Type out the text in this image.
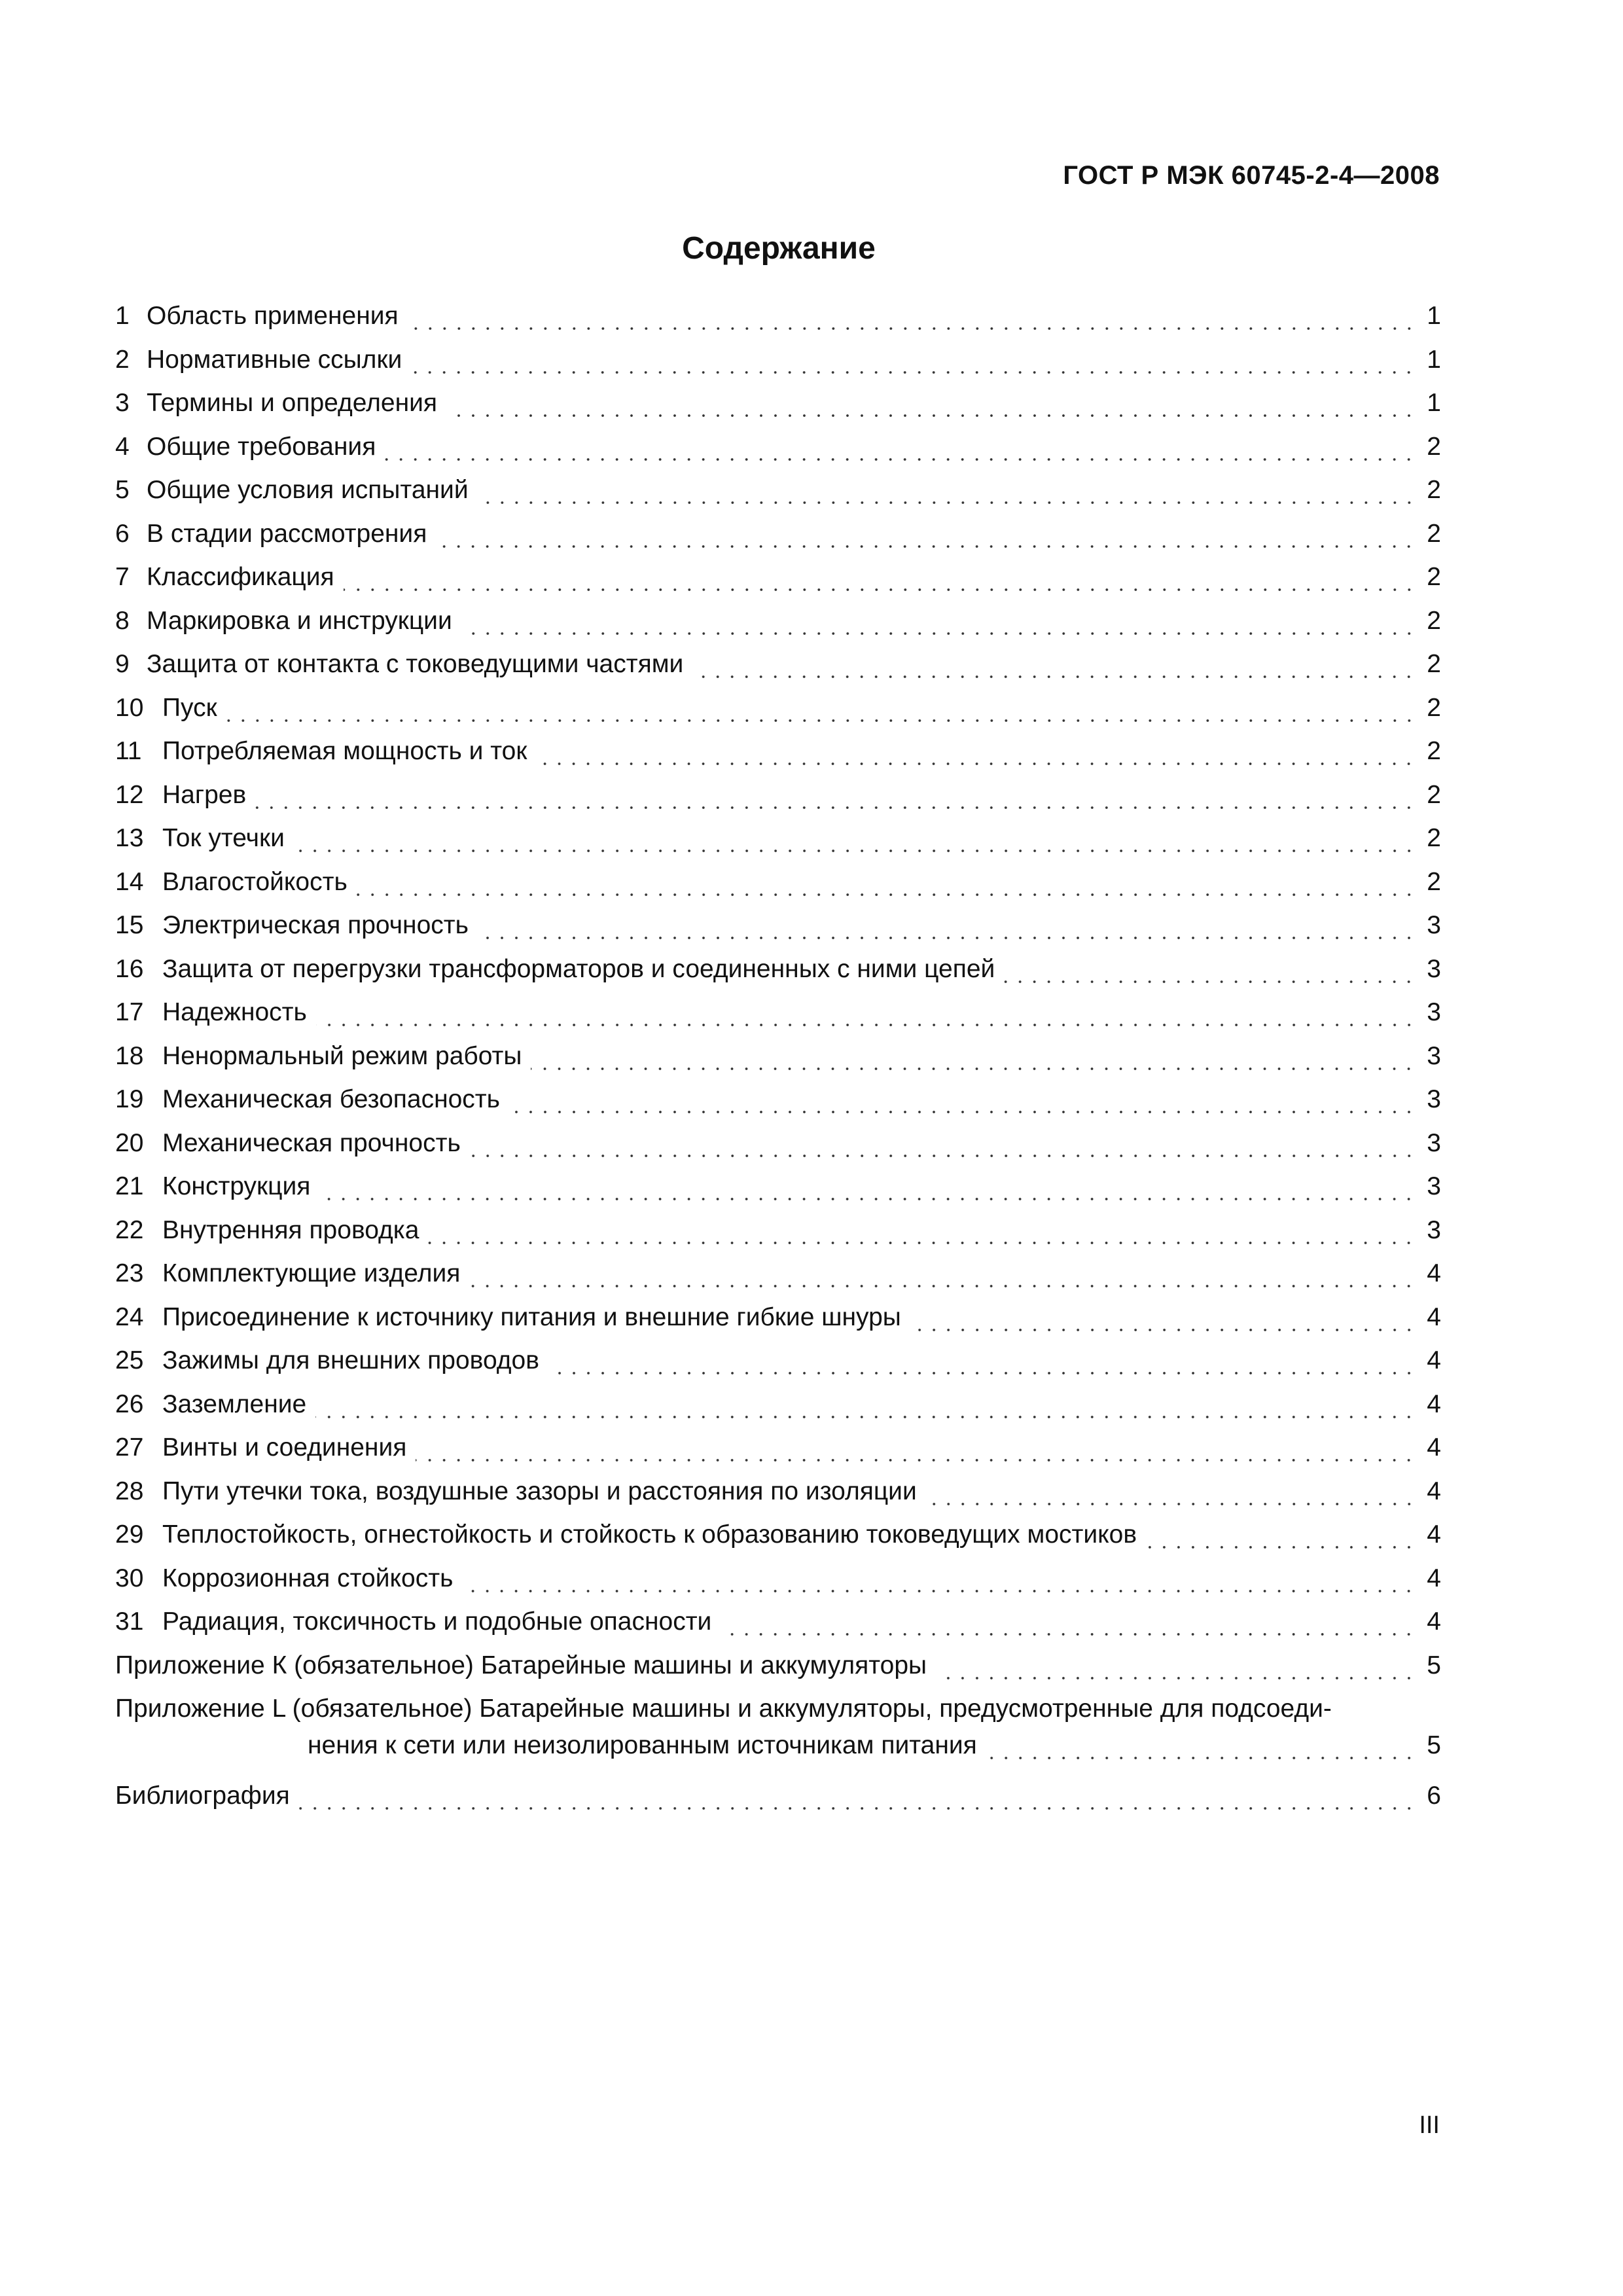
ГОСТ Р МЭК 60745-2-4—2008
Содержание
1 Область применения	1
2 Нормативные ссылки	1
3 Термины и определения	1
4 Общие требования	2
5 Общие условия испытаний	2
6 В стадии рассмотрения	2
7 Классификация	2
8 Маркировка и инструкции	2
9 Защита от контакта с токоведущими частями	2
10 Пуск	2
11 Потребляемая мощность и ток	2
12 Нагрев	2
13 Ток утечки	2
14 Влагостойкость	2
15 Электрическая прочность	3
16 Защита от перегрузки трансформаторов и соединенных с ними цепей	3
17 Надежность	3
18 Ненормальный режим работы	3
19 Механическая безопасность	3
20 Механическая прочность	3
21 Конструкция	3
22 Внутренняя проводка	3
23 Комплектующие изделия	4
24 Присоединение к источнику питания и внешние гибкие шнуры	4
25 Зажимы для внешних проводов	4
26 Заземление	4
27 Винты и соединения	4
28 Пути утечки тока, воздушные зазоры и расстояния по изоляции	4
29 Теплостойкость, огнестойкость и стойкость к образованию токоведущих мостиков	4
30 Коррозионная стойкость	4
31 Радиация, токсичность и подобные опасности	4
Приложение К (обязательное) Батарейные машины и аккумуляторы	5
Приложение L (обязательное) Батарейные машины и аккумуляторы, предусмотренные для подсоеди-
нения к сети или неизолированным источникам питания	5
Библиография	6
III
